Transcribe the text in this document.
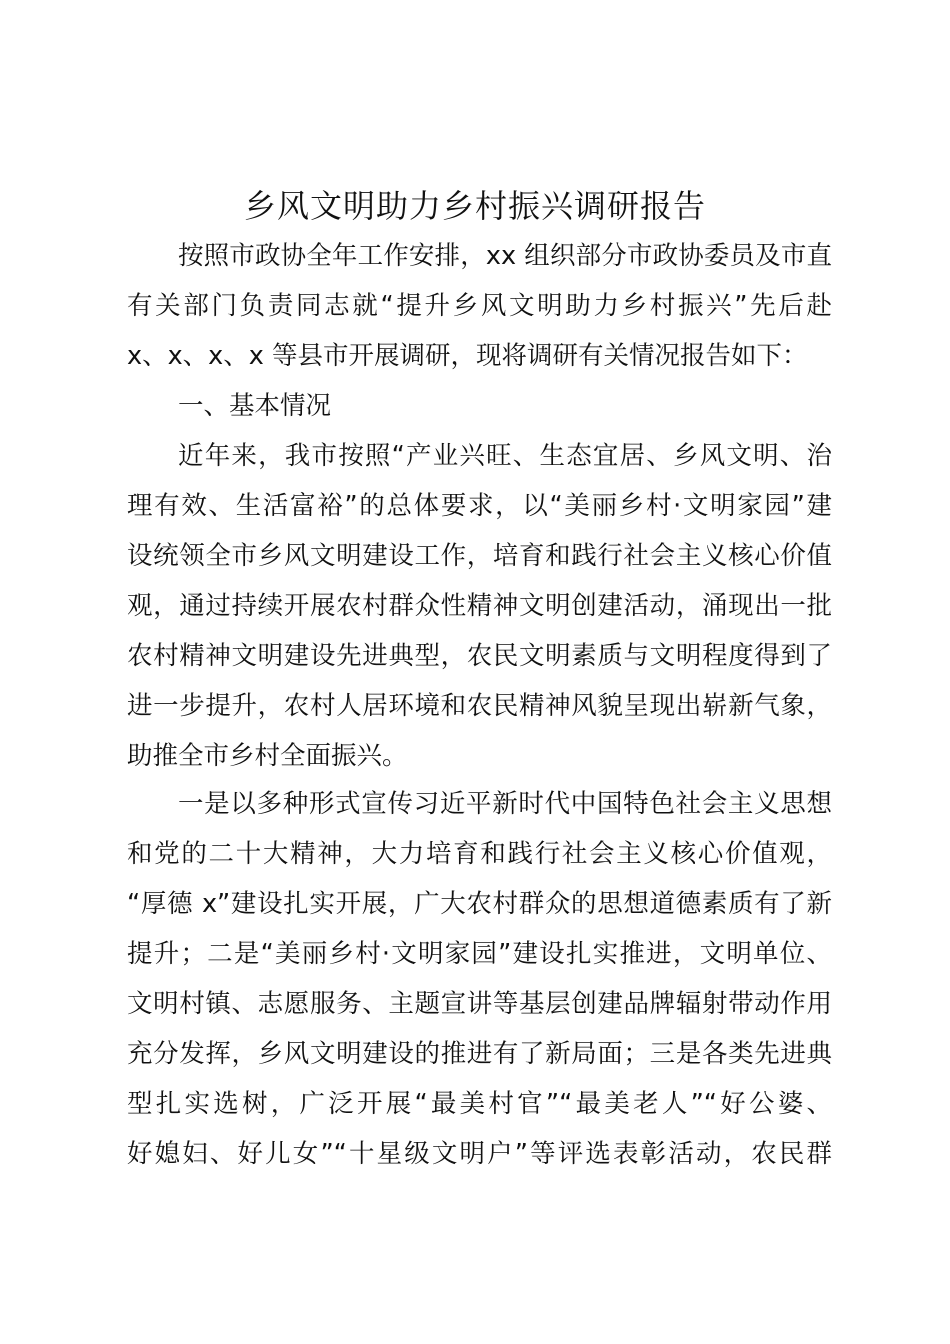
乡风文明助力乡村振兴调研报告
按照市政协全年工作安排，xx 组织部分市政协委员及市直
有关部门负责同志就“提升乡风文明助力乡村振兴”先后赴
x、x、x、x 等县市开展调研，现将调研有关情况报告如下：
一、基本情况
近年来，我市按照“产业兴旺、生态宜居、乡风文明、治
理有效、生活富裕”的总体要求，以“美丽乡村·文明家园”建
设统领全市乡风文明建设工作，培育和践行社会主义核心价值
观，通过持续开展农村群众性精神文明创建活动，涌现出一批
农村精神文明建设先进典型，农民文明素质与文明程度得到了
进一步提升，农村人居环境和农民精神风貌呈现出崭新气象，
助推全市乡村全面振兴。
一是以多种形式宣传习近平新时代中国特色社会主义思想
和党的二十大精神，大力培育和践行社会主义核心价值观，
“厚德 x”建设扎实开展，广大农村群众的思想道德素质有了新
提升；二是“美丽乡村·文明家园”建设扎实推进，文明单位、
文明村镇、志愿服务、主题宣讲等基层创建品牌辐射带动作用
充分发挥，乡风文明建设的推进有了新局面；三是各类先进典
型扎实选树，广泛开展“最美村官”“最美老人”“好公婆、
好媳妇、好儿女”“十星级文明户”等评选表彰活动，农民群
